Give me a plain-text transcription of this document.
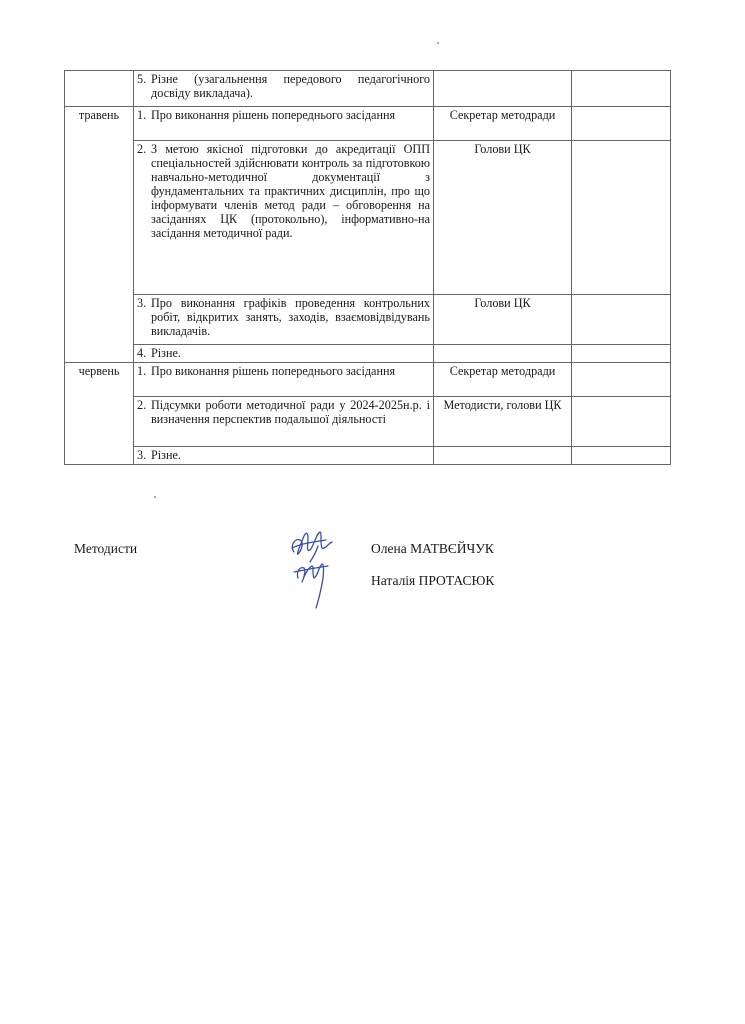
	5. Різне (узагальнення передового педагогічного досвіду викладача).		

травень	1. Про виконання рішень попереднього засідання	Секретар методради	

	2. З метою якісної підготовки до акредитації ОПП спеціальностей здійснювати контроль за підготовкою навчально-методичної документації з фундаментальних та практичних дисциплін, про що інформувати членів метод ради – обговорення на засіданнях ЦК (протокольно), інформативно-на засідання методичної ради.	Голови ЦК	

	3. Про виконання графіків проведення контрольних робіт, відкритих занять, заходів, взаємовідвідувань викладачів.	Голови ЦК	

	4. Різне.		

червень	1. Про виконання рішень попереднього засідання	Секретар методради	

	2. Підсумки роботи методичної ради у 2024-2025н.р. і визначення перспектив подальшої діяльності	Методисти, голови ЦК	

	3. Різне.		

Методисти	Олена МАТВЄЙЧУК
Наталія ПРОТАСЮК
